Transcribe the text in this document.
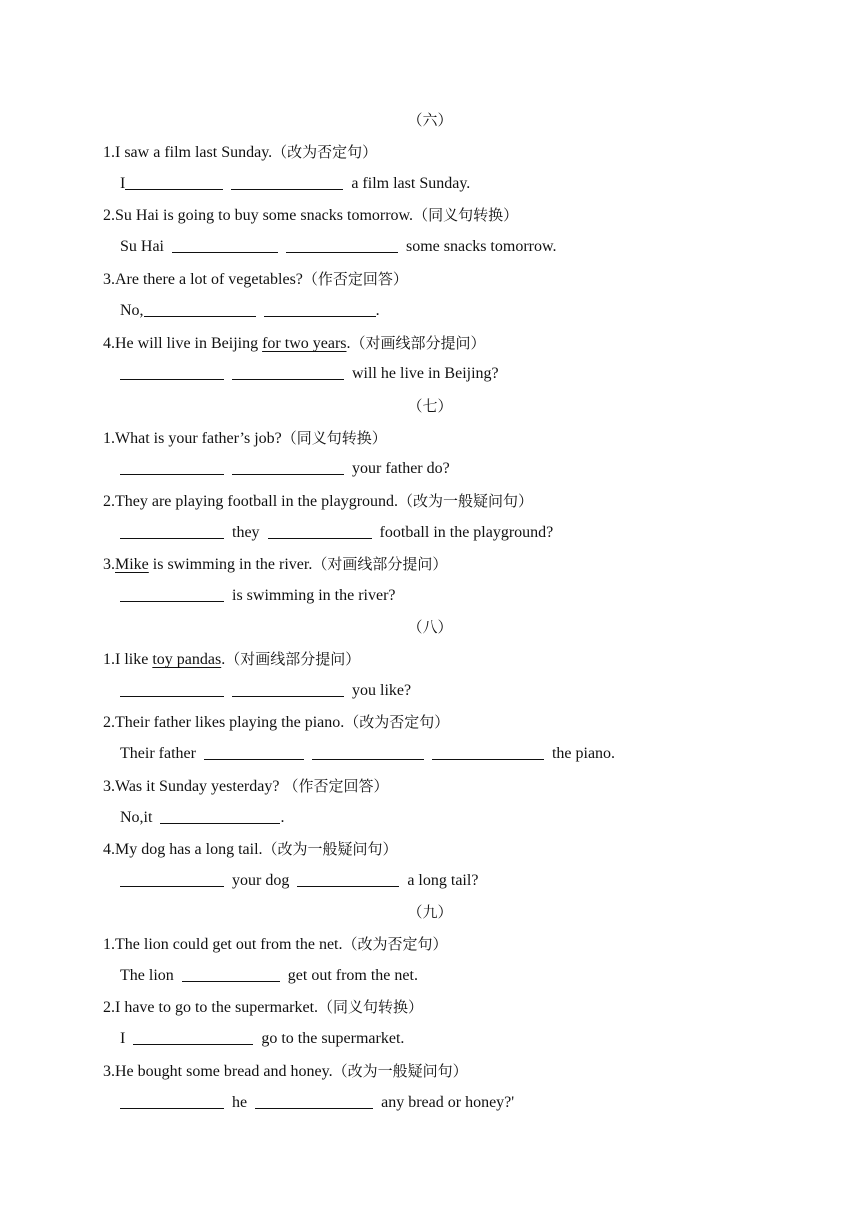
（六）
1.I saw a film last Sunday.（改为否定句）
I	a film last Sunday.
2.Su Hai is going to buy some snacks tomorrow.（同义句转换）
Su Hai	some snacks tomorrow.
3.Are there a lot of vegetables?（作否定回答）
No,	.
4.He will live in Beijing for two years.（对画线部分提问）
will he live in Beijing?
（七）
1.What is your father’s job?（同义句转换）
your father do?
2.They are playing football in the playground.（改为一般疑问句）
they	football in the playground?
3.Mike is swimming in the river.（对画线部分提问）
is swimming in the river?
（八）
1.I like toy pandas.（对画线部分提问）
you like?
2.Their father likes playing the piano.（改为否定句）
Their father	the piano.
3.Was it Sunday yesterday? （作否定回答）
No,it	.
4.My dog has a long tail.（改为一般疑问句）
your dog	a long tail?
（九）
1.The lion could get out from the net.（改为否定句）
The lion	get out from the net.
2.I have to go to the supermarket.（同义句转换）
I	go to the supermarket.
3.He bought some bread and honey.（改为一般疑问句）
he	any bread or honey?'
